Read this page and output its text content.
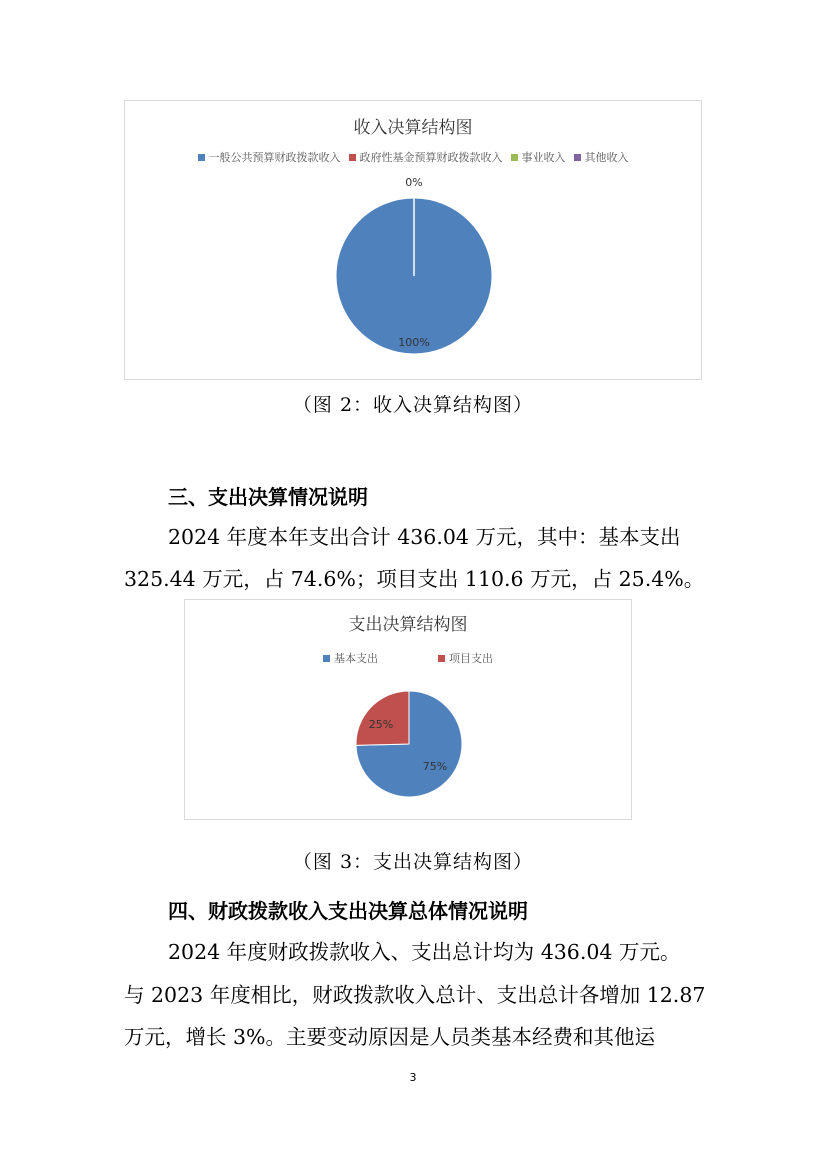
收入决算结构图
一般公共预算财政拨款收入 政府性基金预算财政拨款收入 事业收入 其他收入
0%
100%
（图 2：收入决算结构图）
三、支出决算情况说明
2024 年度本年支出合计 436.04 万元，其中：基本支出
325.44 万元，占 74.6%；项目支出 110.6 万元，占 25.4%。
支出决算结构图
基本支出	项目支出
75%
25%
（图 3：支出决算结构图）
四、财政拨款收入支出决算总体情况说明
2024 年度财政拨款收入、支出总计均为 436.04 万元。
与 2023 年度相比，财政拨款收入总计、支出总计各增加 12.87
万元，增长 3%。主要变动原因是人员类基本经费和其他运
3
